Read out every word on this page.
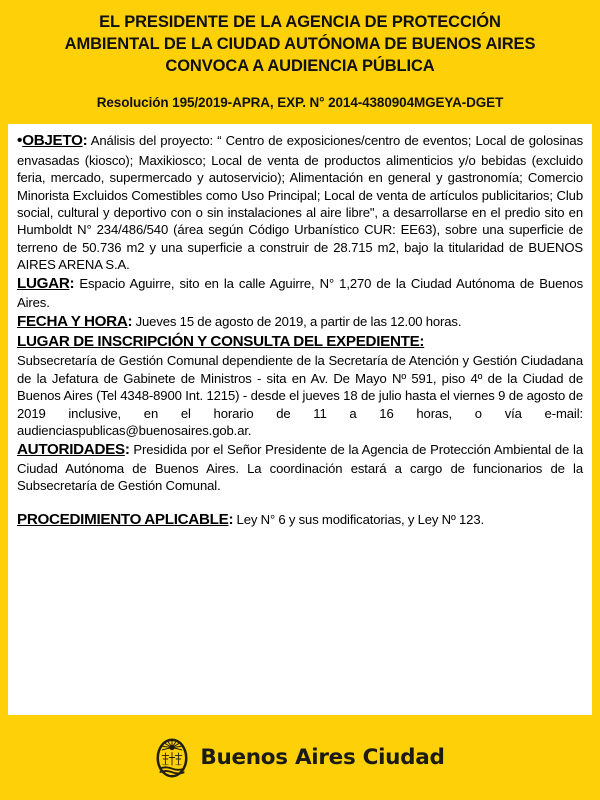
EL PRESIDENTE DE LA AGENCIA DE PROTECCIÓN
AMBIENTAL DE LA CIUDAD AUTÓNOMA DE BUENOS AIRES
CONVOCA A AUDIENCIA PÚBLICA
Resolución 195/2019-APRA, EXP. N° 2014-4380904MGEYA-DGET

•OBJETO: Análisis del proyecto: “ Centro de exposiciones/centro de eventos; Local de golosinas envasadas (kiosco); Maxikiosco; Local de venta de productos alimenticios y/o bebidas (excluido feria, mercado, supermercado y autoservicio); Alimentación en general y gastronomía; Comercio Minorista Excluidos Comestibles como Uso Principal; Local de venta de artículos publicitarios; Club social, cultural y deportivo con o sin instalaciones al aire libre", a desarrollarse en el predio sito en Humboldt N° 234/486/540 (área según Código Urbanístico CUR: EE63), sobre una superficie de terreno de 50.736 m2 y una superficie a construir de 28.715 m2, bajo la titularidad de BUENOS AIRES ARENA S.A.

LUGAR: Espacio Aguirre, sito en la calle Aguirre, N° 1,270 de la Ciudad Autónoma de Buenos Aires.

FECHA Y HORA: Jueves 15 de agosto de 2019, a partir de las 12.00 horas.

LUGAR DE INSCRIPCIÓN Y CONSULTA DEL EXPEDIENTE:

Subsecretaría de Gestión Comunal dependiente de la Secretaría de Atención y Gestión Ciudadana de la Jefatura de Gabinete de Ministros - sita en Av. De Mayo Nº 591, piso 4º de la Ciudad de Buenos Aires (Tel 4348-8900 Int. 1215) - desde el jueves 18 de julio hasta el viernes 9 de agosto de 2019 inclusive, en el horario de 11 a 16 horas, o vía e-mail: audienciaspublicas@buenosaires.gob.ar.

AUTORIDADES: Presidida por el Señor Presidente de la Agencia de Protección Ambiental de la Ciudad Autónoma de Buenos Aires. La coordinación estará a cargo de funcionarios de la Subsecretaría de Gestión Comunal.

PROCEDIMIENTO APLICABLE: Ley N° 6 y sus modificatorias, y Ley Nº 123.

Buenos Aires Ciudad
